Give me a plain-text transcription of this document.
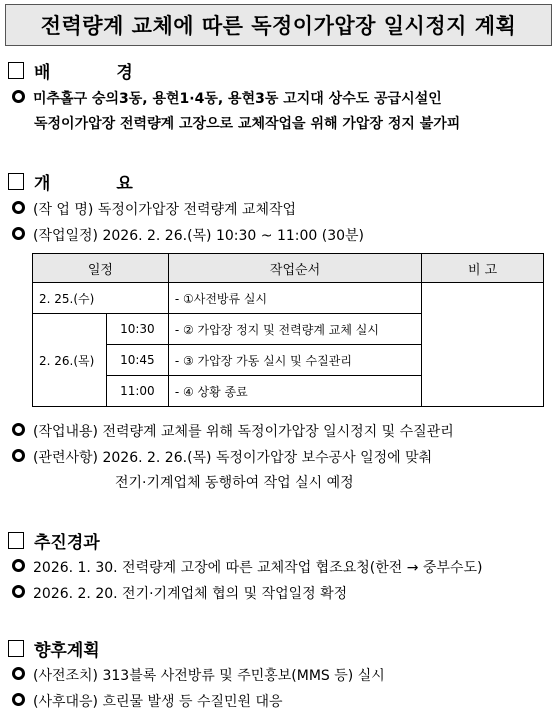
전력량계 교체에 따른 독정이가압장 일시정지 계획
배 경
미추홀구 숭의3동, 용현1·4동, 용현3동 고지대 상수도 공급시설인
독정이가압장 전력량계 고장으로 교체작업을 위해 가압장 정지 불가피
개 요
(작 업 명) 독정이가압장 전력량계 교체작업
(작업일정) 2026. 2. 26.(목) 10:30 ~ 11:00 (30분)
일정		작업순서	비 고
2. 25.(수)		- ①사전방류 실시	
2. 26.(목)	10:30	- ② 가압장 정지 및 전력량계 교체 실시	
	10:45	- ③ 가압장 가동 실시 및 수질관리	
	11:00	- ④ 상황 종료	
(작업내용) 전력량계 교체를 위해 독정이가압장 일시정지 및 수질관리
(관련사항) 2026. 2. 26.(목) 독정이가압장 보수공사 일정에 맞춰
전기·기계업체 동행하여 작업 실시 예정
추진경과
2026. 1. 30. 전력량계 고장에 따른 교체작업 협조요청(한전 → 중부수도)
2026. 2. 20. 전기·기계업체 협의 및 작업일정 확정
향후계획
(사전조치) 313블록 사전방류 및 주민홍보(MMS 등) 실시
(사후대응) 흐린물 발생 등 수질민원 대응
